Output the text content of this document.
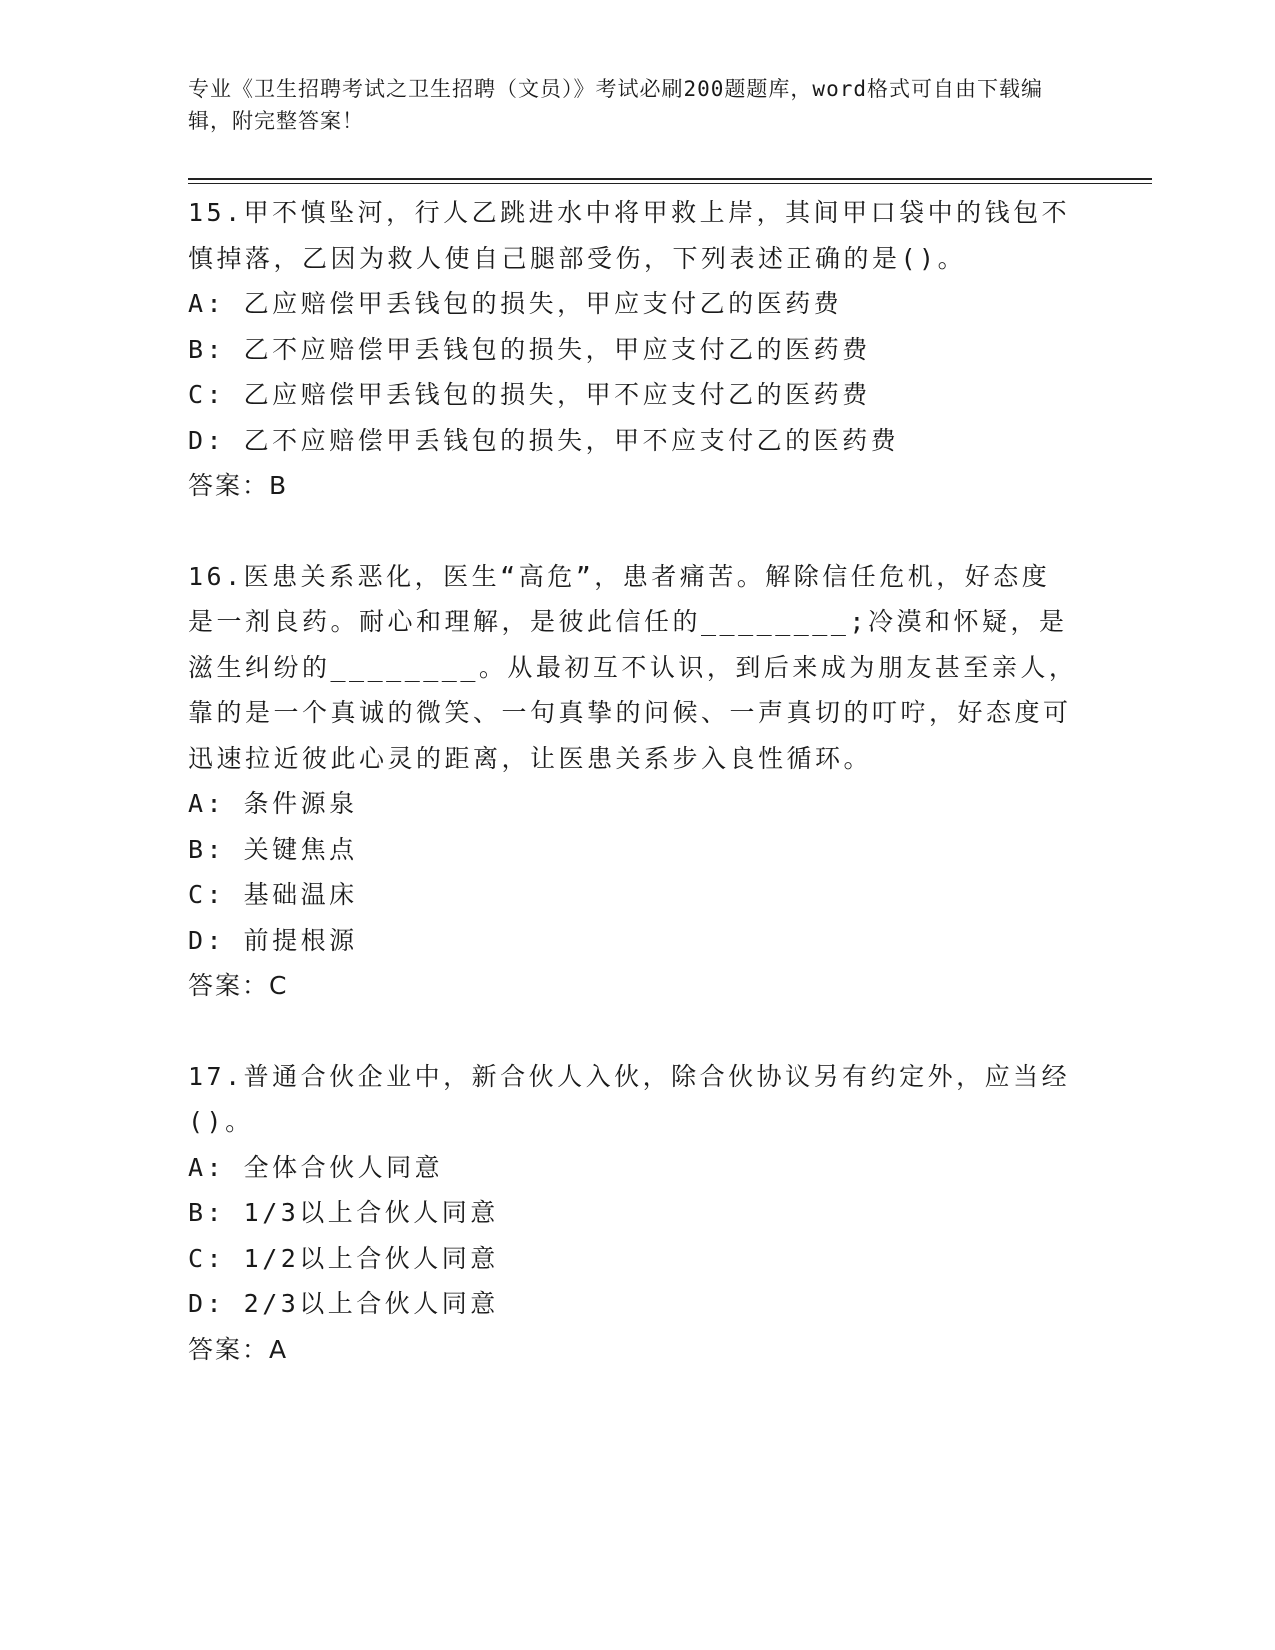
专业《卫生招聘考试之卫生招聘（文员）》考试必刷200题题库，word格式可自由下载编辑，附完整答案！

15.甲不慎坠河，行人乙跳进水中将甲救上岸，其间甲口袋中的钱包不慎掉落，乙因为救人使自己腿部受伤，下列表述正确的是()。

A: 乙应赔偿甲丢钱包的损失，甲应支付乙的医药费

B: 乙不应赔偿甲丢钱包的损失，甲应支付乙的医药费

C: 乙应赔偿甲丢钱包的损失，甲不应支付乙的医药费

D: 乙不应赔偿甲丢钱包的损失，甲不应支付乙的医药费

答案：B

16.医患关系恶化，医生“高危”，患者痛苦。解除信任危机，好态度是一剂良药。耐心和理解，是彼此信任的________;冷漠和怀疑，是滋生纠纷的________。从最初互不认识，到后来成为朋友甚至亲人，靠的是一个真诚的微笑、一句真挚的问候、一声真切的叮咛，好态度可迅速拉近彼此心灵的距离，让医患关系步入良性循环。

A: 条件源泉

B: 关键焦点

C: 基础温床

D: 前提根源

答案：C

17.普通合伙企业中，新合伙人入伙，除合伙协议另有约定外，应当经()。

A: 全体合伙人同意

B: 1/3以上合伙人同意

C: 1/2以上合伙人同意

D: 2/3以上合伙人同意

答案：A
